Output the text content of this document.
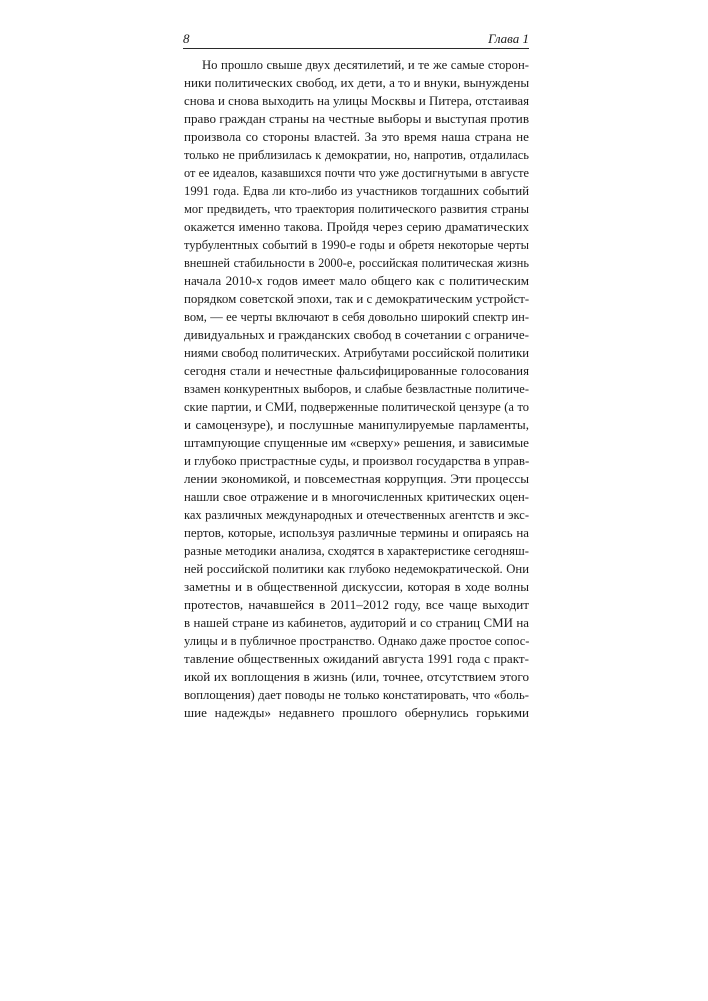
8	Глава 1
Но прошло свыше двух десятилетий, и те же самые сторон-
ники политических свобод, их дети, а то и внуки, вынуждены
снова и снова выходить на улицы Москвы и Питера, отстаивая
право граждан страны на честные выборы и выступая против
произвола со стороны властей. За это время наша страна не
только не приблизилась к демократии, но, напротив, отдалилась
от ее идеалов, казавшихся почти что уже достигнутыми в августе
1991 года. Едва ли кто-либо из участников тогдашних событий
мог предвидеть, что траектория политического развития страны
окажется именно такова. Пройдя через серию драматических
турбулентных событий в 1990-е годы и обретя некоторые черты
внешней стабильности в 2000-е, российская политическая жизнь
начала 2010-х годов имеет мало общего как с политическим
порядком советской эпохи, так и с демократическим устройст-
вом, — ее черты включают в себя довольно широкий спектр ин-
дивидуальных и гражданских свобод в сочетании с ограниче-
ниями свобод политических. Атрибутами российской политики
сегодня стали и нечестные фальсифицированные голосования
взамен конкурентных выборов, и слабые безвластные политиче-
ские партии, и СМИ, подверженные политической цензуре (а то
и самоцензуре), и послушные манипулируемые парламенты,
штампующие спущенные им «сверху» решения, и зависимые
и глубоко пристрастные суды, и произвол государства в управ-
лении экономикой, и повсеместная коррупция. Эти процессы
нашли свое отражение и в многочисленных критических оцен-
ках различных международных и отечественных агентств и экс-
пертов, которые, используя различные термины и опираясь на
разные методики анализа, сходятся в характеристике сегодняш-
ней российской политики как глубоко недемократической. Они
заметны и в общественной дискуссии, которая в ходе волны
протестов, начавшейся в 2011–2012 году, все чаще выходит
в нашей стране из кабинетов, аудиторий и со страниц СМИ на
улицы и в публичное пространство. Однако даже простое сопос-
тавление общественных ожиданий августа 1991 года с практ-
икой их воплощения в жизнь (или, точнее, отсутствием этого
воплощения) дает поводы не только констатировать, что «боль-
шие надежды» недавнего прошлого обернулись горькими
